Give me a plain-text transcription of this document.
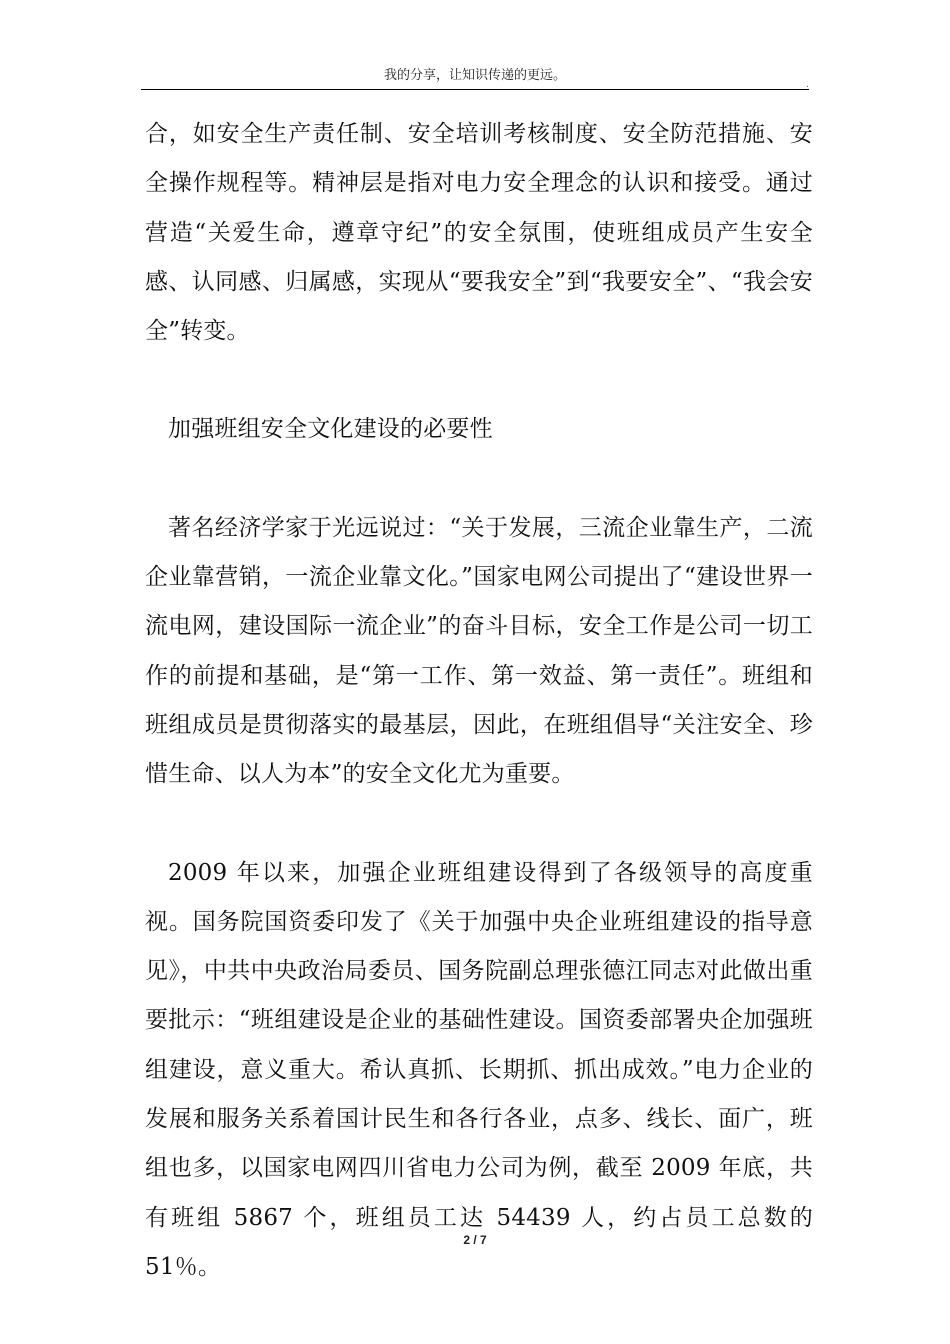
我的分享，让知识传递的更远。
.

合，如安全生产责任制、安全培训考核制度、安全防范措施、安全操作规程等。精神层是指对电力安全理念的认识和接受。通过营造“关爱生命，遵章守纪”的安全氛围，使班组成员产生安全感、认同感、归属感，实现从“要我安全”到“我要安全”、“我会安全”转变。

加强班组安全文化建设的必要性

著名经济学家于光远说过：“关于发展，三流企业靠生产，二流企业靠营销，一流企业靠文化。”国家电网公司提出了“建设世界一流电网，建设国际一流企业”的奋斗目标，安全工作是公司一切工作的前提和基础，是“第一工作、第一效益、第一责任”。班组和班组成员是贯彻落实的最基层，因此，在班组倡导“关注安全、珍惜生命、以人为本”的安全文化尤为重要。

2009 年以来，加强企业班组建设得到了各级领导的高度重视。国务院国资委印发了《关于加强中央企业班组建设的指导意见》，中共中央政治局委员、国务院副总理张德江同志对此做出重要批示：“班组建设是企业的基础性建设。国资委部署央企加强班组建设，意义重大。希认真抓、长期抓、抓出成效。”电力企业的发展和服务关系着国计民生和各行各业，点多、线长、面广，班组也多，以国家电网四川省电力公司为例，截至 2009 年底，共有班组 5867 个，班组员工达 54439 人，约占员工总数的 51％。

2 / 7
